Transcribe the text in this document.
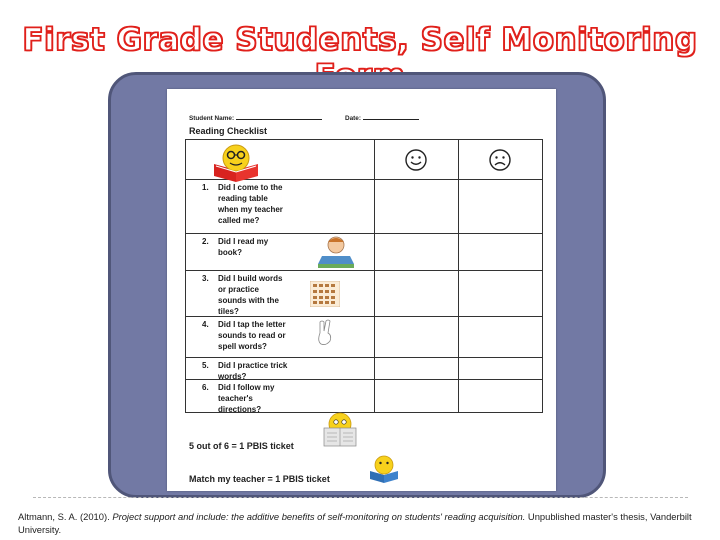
First Grade Students, Self Monitoring
Student Name:	Date:
Reading Checklist

1. Did I come to the reading table when my teacher called me?		

2. Did I read my book?		

3. Did I build words or practice sounds with the tiles?		

4. Did I tap the letter sounds to read or spell words?		

5. Did I practice trick words?		

6. Did I follow my teacher's directions?		

5 out of 6 = 1 PBIS ticket
Match my teacher = 1 PBIS ticket
Altmann, S. A. (2010). Project support and include: the additive benefits of self-monitoring on students' reading acquisition. Unpublished master's thesis, Vanderbilt University.
